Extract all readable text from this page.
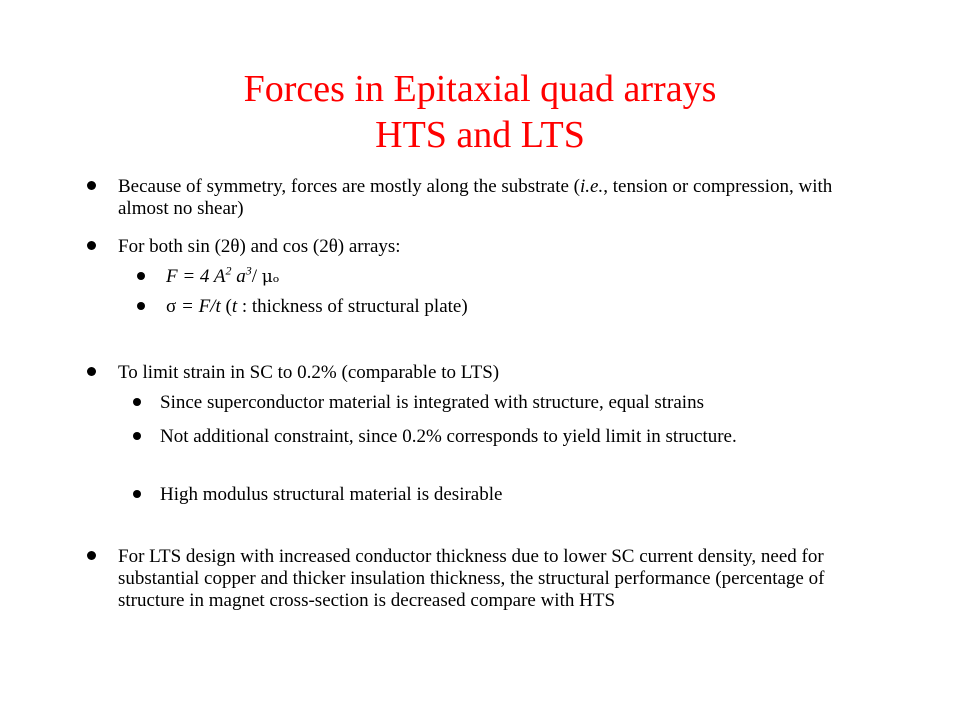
Forces in Epitaxial quad arrays
HTS and LTS
Because of symmetry, forces are mostly along the substrate (i.e., tension or compression, with almost no shear)
For both sin (2θ) and cos (2θ) arrays:
F = 4 $A^2$ $a^3/$ μₒ
σ = F/t (t : thickness of structural plate)
To limit strain in SC to 0.2% (comparable to LTS)
Since superconductor material is integrated with structure, equal strains
Not additional constraint, since 0.2% corresponds to yield limit in structure.
High modulus structural material is desirable
For LTS design with increased conductor thickness due to lower SC current density, need for substantial copper and thicker insulation thickness, the structural performance (percentage of structure in magnet cross-section is decreased compare with HTS
